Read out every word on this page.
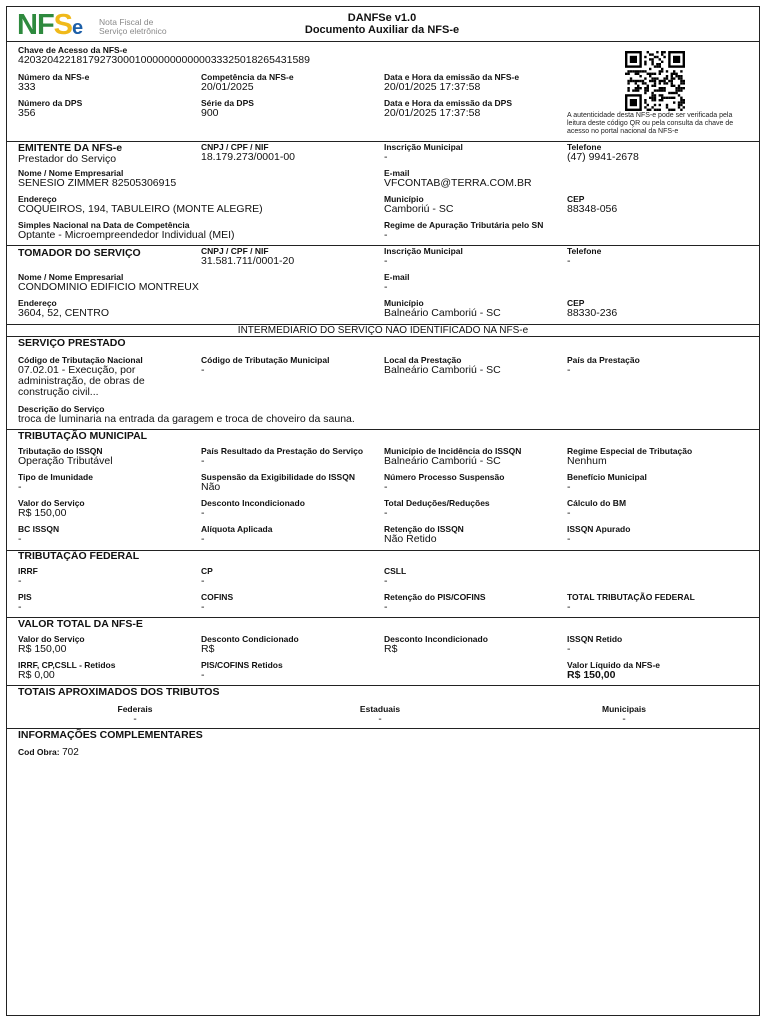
NFSe Nota Fiscal de
Serviço eletrônico
DANFSe v1.0
Documento Auxiliar da NFS-e
Chave de Acesso da NFS-e
42032042218179273000100000000000033325018265431589
Número da NFS-e
333
Competência da NFS-e
20/01/2025
Data e Hora da emissão da NFS-e
20/01/2025 17:37:58
Número da DPS
356
Série da DPS
900
Data e Hora da emissão da DPS
20/01/2025 17:37:58	A autenticidade desta NFS-e pode ser verificada pela leitura deste código QR ou pela consulta da chave de acesso no portal nacional da NFS-e
EMITENTE DA NFS-e
Prestador do Serviço
CNPJ / CPF / NIF
18.179.273/0001-00
Inscrição Municipal
-
Telefone
(47) 9941-2678
Nome / Nome Empresarial
SENESIO ZIMMER 82505306915
E-mail
VFCONTAB@TERRA.COM.BR
Endereço
COQUEIROS, 194, TABULEIRO (MONTE ALEGRE)
Município
Camboriú - SC
CEP
88348-056
Simples Nacional na Data de Competência
Optante - Microempreendedor Individual (MEI)
Regime de Apuração Tributária pelo SN
-
TOMADOR DO SERVIÇO	CNPJ / CPF / NIF
31.581.711/0001-20
Inscrição Municipal
-
Telefone
-
Nome / Nome Empresarial
CONDOMINIO EDIFICIO MONTREUX
E-mail
-
Endereço
3604, 52, CENTRO
Município
Balneário Camboriú - SC
CEP
88330-236
INTERMEDIÁRIO DO SERVIÇO NÃO IDENTIFICADO NA NFS-e
SERVIÇO PRESTADO
Código de Tributação Nacional
07.02.01 - Execução, por administração, de obras de construção civil...
Código de Tributação Municipal
-
Local da Prestação
Balneário Camboriú - SC
País da Prestação
-
Descrição do Serviço
troca de luminaria na entrada da garagem e troca de choveiro da sauna.
TRIBUTAÇÃO MUNICIPAL
Tributação do ISSQN
Operação Tributável
País Resultado da Prestação do Serviço
-
Município de Incidência do ISSQN
Balneário Camboriú - SC
Regime Especial de Tributação
Nenhum
Tipo de Imunidade
-
Suspensão da Exigibilidade do ISSQN
Não
Número Processo Suspensão
-
Benefício Municipal
-
Valor do Serviço
R$ 150,00
Desconto Incondicionado
-
Total Deduções/Reduções
-
Cálculo do BM
-
BC ISSQN
-
Alíquota Aplicada
-
Retenção do ISSQN
Não Retido
ISSQN Apurado
-
TRIBUTAÇÃO FEDERAL
IRRF
-
CP
-
CSLL
-
PIS
-
COFINS
-
Retenção do PIS/COFINS
-
TOTAL TRIBUTAÇÃO FEDERAL
-
VALOR TOTAL DA NFS-E
Valor do Serviço
R$ 150,00
Desconto Condicionado
R$
Desconto Incondicionado
R$
ISSQN Retido
-
IRRF, CP,CSLL - Retidos
R$ 0,00
PIS/COFINS Retidos
-
Valor Líquido da NFS-e
R$ 150,00
TOTAIS APROXIMADOS DOS TRIBUTOS
Federais
-
Estaduais
-
Municipais
-
INFORMAÇÕES COMPLEMENTARES
Cod Obra: 702
